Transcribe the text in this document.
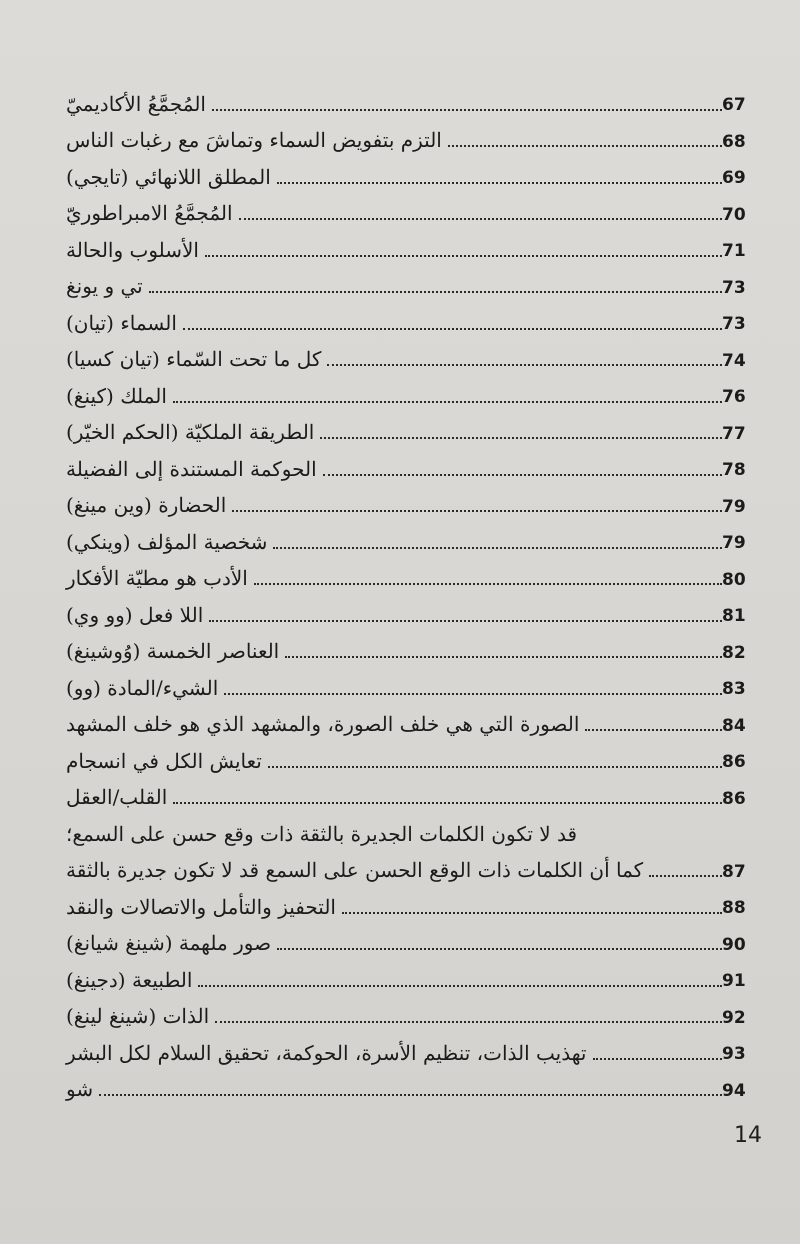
المُجمَّعُ الأكاديميّ	67
التزم بتفويض السماء وتماشَ مع رغبات الناس	68
المطلق اللانهائي (تايجي)	69
المُجمَّعُ الامبراطوريّ	70
الأسلوب والحالة	71
تي و يونغ	73
السماء (تيان)	73
كل ما تحت السّماء (تيان كسيا)	74
الملك (كينغ)	76
الطريقة الملكيّة (الحكم الخيّر)	77
الحوكمة المستندة إلى الفضيلة	78
الحضارة (وين مينغ)	79
شخصية المؤلف (وينكي)	79
الأدب هو مطيّة الأفكار	80
اللا فعل (وو وي)	81
العناصر الخمسة (وُوشينغ)	82
الشيء/المادة (وو)	83
الصورة التي هي خلف الصورة، والمشهد الذي هو خلف المشهد	84
تعايش الكل في انسجام	86
القلب/العقل	86
قد لا تكون الكلمات الجديرة بالثقة ذات وقع حسن على السمع؛
كما أن الكلمات ذات الوقع الحسن على السمع قد لا تكون جديرة بالثقة	87
التحفيز والتأمل والاتصالات والنقد	88
صور ملهمة (شينغ شيانغ)	90
الطبيعة (دجينغ)	91
الذات (شينغ لينغ)	92
تهذيب الذات، تنظيم الأسرة، الحوكمة، تحقيق السلام لكل البشر	93
شو	94
14
